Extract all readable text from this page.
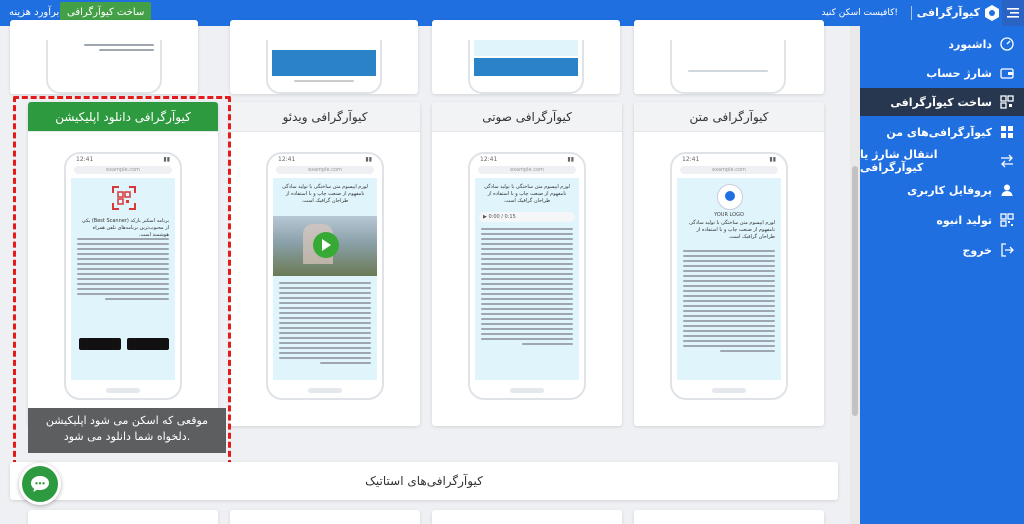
برآورد هزینه ساخت کیوآرگرافی	کافیست اسکن کنید! کیوآرگرافی
کیوآرگرافی متن
12:41	▮▮
example.com
YOUR LOGO
لورم ایپسوم متن ساختگی با تولید سادگی نامفهوم از صنعت چاپ و با استفاده از طراحان گرافیک است.
کیوآرگرافی صوتی
12:41	▮▮
example.com
لورم ایپسوم متن ساختگی با تولید سادگی نامفهوم از صنعت چاپ و با استفاده از طراحان گرافیک است.
▶ 0:00 / 0:15
کیوآرگرافی ویدئو
12:41	▮▮
example.com
لورم ایپسوم متن ساختگی با تولید سادگی نامفهوم از صنعت چاپ و با استفاده از طراحان گرافیک است.
کیوآرگرافی دانلود اپلیکیشن
12:41	▮▮
example.com
برنامه اسکنر بارکد (Best Scanner) یکی از محبوب‌ترین برنامه‌های تلفن همراه هوشمند است.
موقعی که اسکن می شود اپلیکیشن دلخواه شما دانلود می شود.
کیوآرگرافی‌های استاتیک
داشبورد
شارژ حساب
ساخت کیوآرگرافی
کیوآرگرافی‌های من
انتقال شارژ یا کیوآرگرافی
پروفایل کاربری
تولید انبوه
خروج
